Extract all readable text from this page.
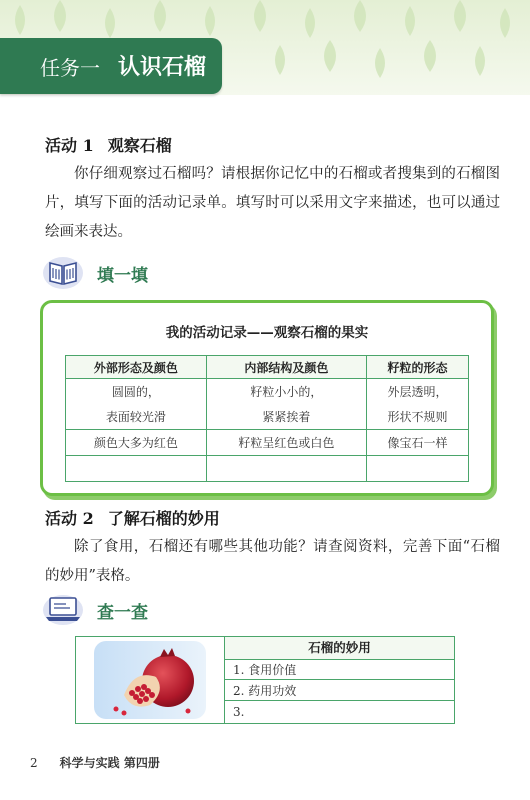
任务一 认识石榴
活动 1 观察石榴
你仔细观察过石榴吗？请根据你记忆中的石榴或者搜集到的石榴图片，填写下面的活动记录单。填写时可以采用文字来描述，也可以通过绘画来表达。
填一填
我的活动记录——观察石榴的果实
外部形态及颜色	内部结构及颜色	籽粒的形态
圆圆的，	籽粒小小的，	外层透明，
表面较光滑	紧紧挨着	形状不规则
颜色大多为红色	籽粒呈红色或白色	像宝石一样

活动 2 了解石榴的妙用
除了食用，石榴还有哪些其他功能？请查阅资料，完善下面“石榴的妙用”表格。
查一查
石榴的妙用
1. 食用价值
2. 药用功效
3.
2 科学与实践 第四册
